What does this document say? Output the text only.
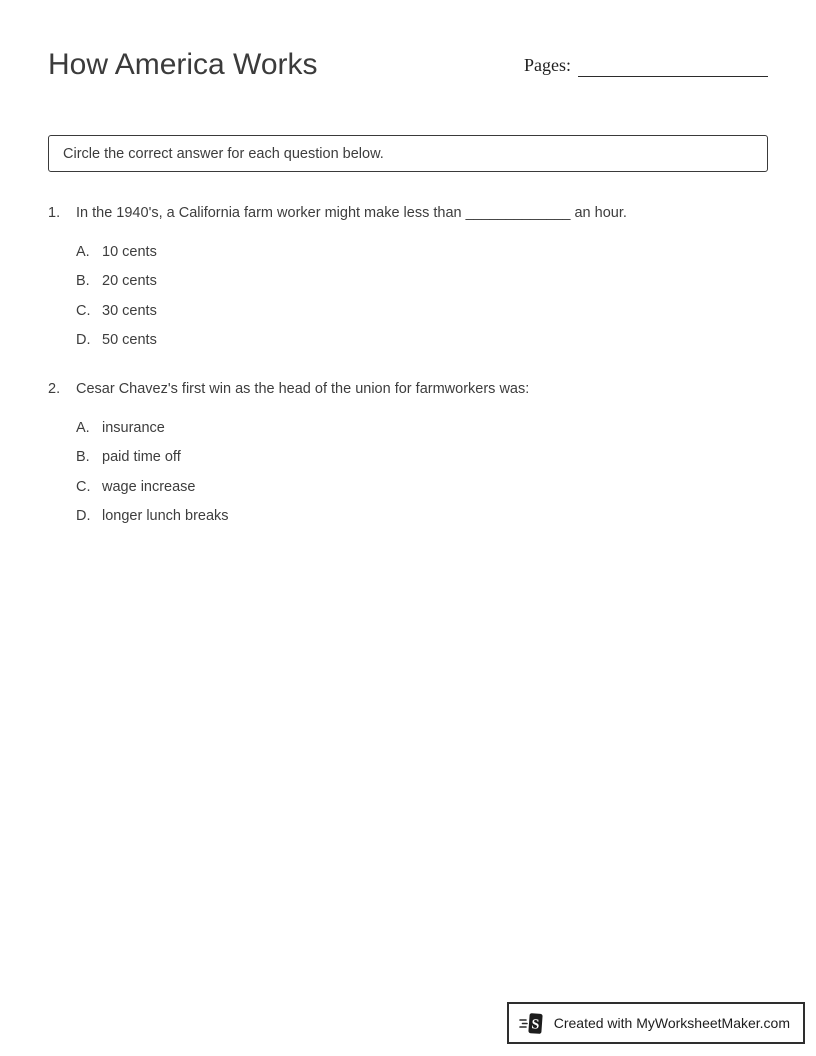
How America Works	Pages:
Circle the correct answer for each question below.
1.	In the 1940's, a California farm worker might make less than _____________ an hour.
A. 10 cents
B. 20 cents
C. 30 cents
D. 50 cents
2.	Cesar Chavez's first win as the head of the union for farmworkers was:
A. insurance
B. paid time off
C. wage increase
D. longer lunch breaks
S Created with MyWorksheetMaker.com
